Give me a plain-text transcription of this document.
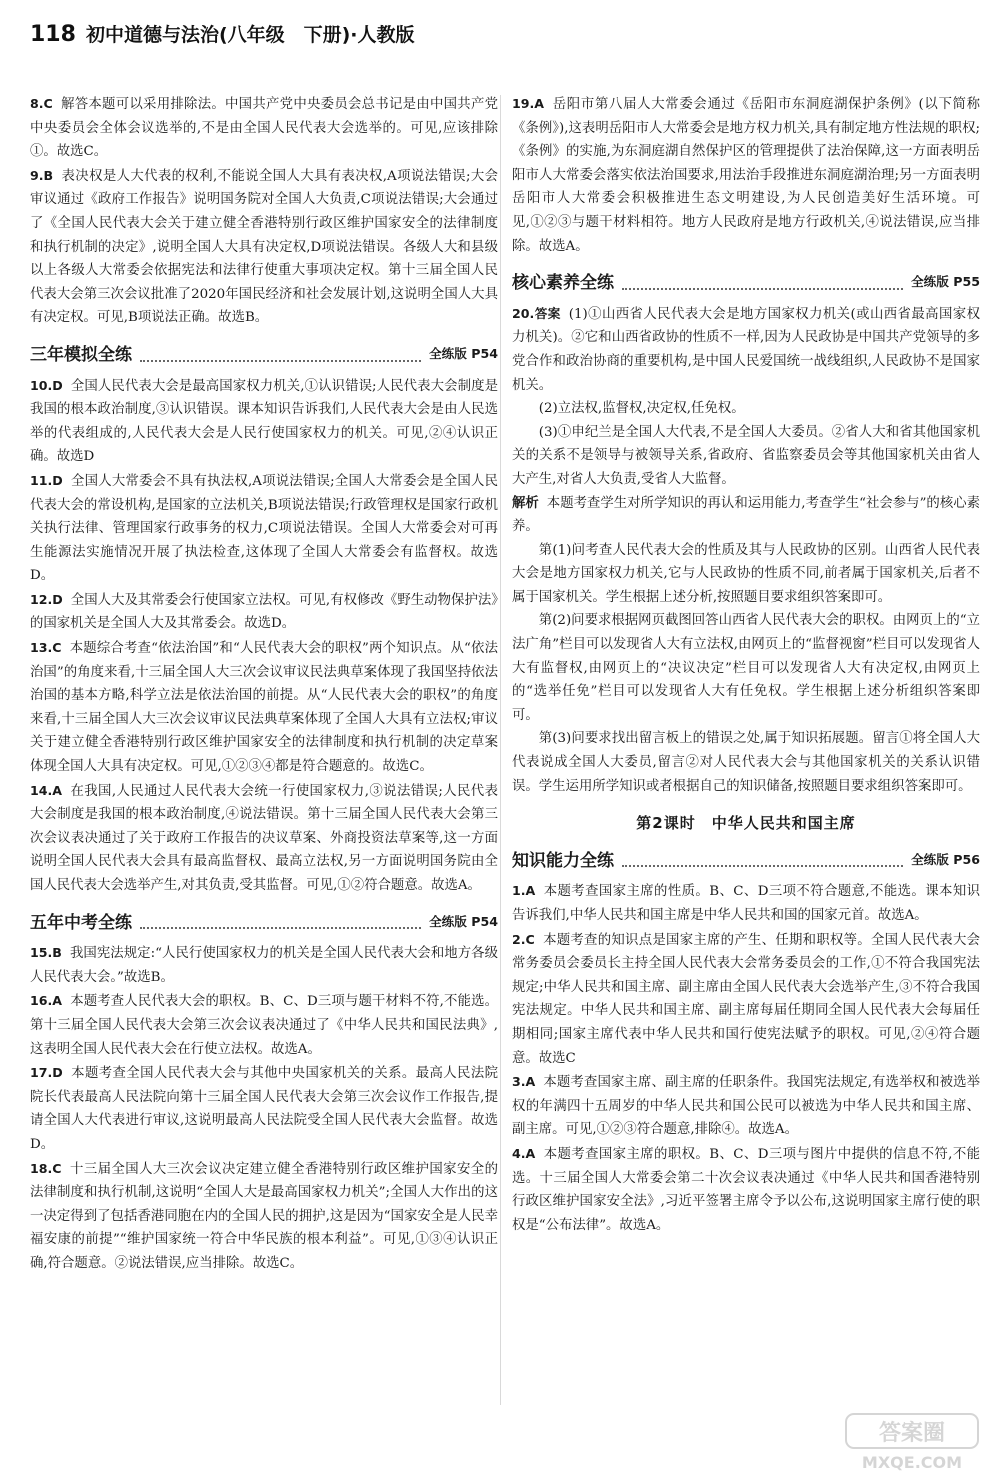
118 初中道德与法治(八年级　下册)·人教版

8.C 解答本题可以采用排除法。中国共产党中央委员会总书记是由中国共产党中央委员会全体会议选举的,不是由全国人民代表大会选举的。可见,应该排除①。故选C。

9.B 表决权是人大代表的权利,不能说全国人大具有表决权,A项说法错误;大会审议通过《政府工作报告》说明国务院对全国人大负责,C项说法错误;大会通过了《全国人民代表大会关于建立健全香港特别行政区维护国家安全的法律制度和执行机制的决定》,说明全国人大具有决定权,D项说法错误。各级人大和县级以上各级人大常委会依据宪法和法律行使重大事项决定权。第十三届全国人民代表大会第三次会议批准了2020年国民经济和社会发展计划,这说明全国人大具有决定权。可见,B项说法正确。故选B。

三年模拟全练	全练版 P54

10.D 全国人民代表大会是最高国家权力机关,①认识错误;人民代表大会制度是我国的根本政治制度,③认识错误。课本知识告诉我们,人民代表大会是由人民选举的代表组成的,人民代表大会是人民行使国家权力的机关。可见,②④认识正确。故选D

11.D 全国人大常委会不具有执法权,A项说法错误;全国人大常委会是全国人民代表大会的常设机构,是国家的立法机关,B项说法错误;行政管理权是国家行政机关执行法律、管理国家行政事务的权力,C项说法错误。全国人大常委会对可再生能源法实施情况开展了执法检查,这体现了全国人大常委会有监督权。故选D。

12.D 全国人大及其常委会行使国家立法权。可见,有权修改《野生动物保护法》的国家机关是全国人大及其常委会。故选D。

13.C 本题综合考查“依法治国”和“人民代表大会的职权”两个知识点。从“依法治国”的角度来看,十三届全国人大三次会议审议民法典草案体现了我国坚持依法治国的基本方略,科学立法是依法治国的前提。从“人民代表大会的职权”的角度来看,十三届全国人大三次会议审议民法典草案体现了全国人大具有立法权;审议关于建立健全香港特别行政区维护国家安全的法律制度和执行机制的决定草案体现全国人大具有决定权。可见,①②③④都是符合题意的。故选C。

14.A 在我国,人民通过人民代表大会统一行使国家权力,③说法错误;人民代表大会制度是我国的根本政治制度,④说法错误。第十三届全国人民代表大会第三次会议表决通过了关于政府工作报告的决议草案、外商投资法草案等,这一方面说明全国人民代表大会具有最高监督权、最高立法权,另一方面说明国务院由全国人民代表大会选举产生,对其负责,受其监督。可见,①②符合题意。故选A。

五年中考全练	全练版 P54

15.B 我国宪法规定:“人民行使国家权力的机关是全国人民代表大会和地方各级人民代表大会。”故选B。

16.A 本题考查人民代表大会的职权。B、C、D三项与题干材料不符,不能选。第十三届全国人民代表大会第三次会议表决通过了《中华人民共和国民法典》,这表明全国人民代表大会在行使立法权。故选A。

17.D 本题考查全国人民代表大会与其他中央国家机关的关系。最高人民法院院长代表最高人民法院向第十三届全国人民代表大会第三次会议作工作报告,提请全国人大代表进行审议,这说明最高人民法院受全国人民代表大会监督。故选D。

18.C 十三届全国人大三次会议决定建立健全香港特别行政区维护国家安全的法律制度和执行机制,这说明“全国人大是最高国家权力机关”;全国人大作出的这一决定得到了包括香港同胞在内的全国人民的拥护,这是因为“国家安全是人民幸福安康的前提”“维护国家统一符合中华民族的根本利益”。可见,①③④认识正确,符合题意。②说法错误,应当排除。故选C。

19.A 岳阳市第八届人大常委会通过《岳阳市东洞庭湖保护条例》(以下简称《条例》),这表明岳阳市人大常委会是地方权力机关,具有制定地方性法规的职权;《条例》的实施,为东洞庭湖自然保护区的管理提供了法治保障,这一方面表明岳阳市人大常委会落实依法治国要求,用法治手段推进东洞庭湖治理;另一方面表明岳阳市人大常委会积极推进生态文明建设,为人民创造美好生活环境。可见,①②③与题干材料相符。地方人民政府是地方行政机关,④说法错误,应当排除。故选A。

核心素养全练	全练版 P55

20.答案 (1)①山西省人民代表大会是地方国家权力机关(或山西省最高国家权力机关)。②它和山西省政协的性质不一样,因为人民政协是中国共产党领导的多党合作和政治协商的重要机构,是中国人民爱国统一战线组织,人民政协不是国家机关。

(2)立法权,监督权,决定权,任免权。

(3)①申纪兰是全国人大代表,不是全国人大委员。②省人大和省其他国家机关的关系不是领导与被领导关系,省政府、省监察委员会等其他国家机关由省人大产生,对省人大负责,受省人大监督。

解析 本题考查学生对所学知识的再认和运用能力,考查学生“社会参与”的核心素养。

第(1)问考查人民代表大会的性质及其与人民政协的区别。山西省人民代表大会是地方国家权力机关,它与人民政协的性质不同,前者属于国家机关,后者不属于国家机关。学生根据上述分析,按照题目要求组织答案即可。

第(2)问要求根据网页截图回答山西省人民代表大会的职权。由网页上的“立法广角”栏目可以发现省人大有立法权,由网页上的“监督视窗”栏目可以发现省人大有监督权,由网页上的“决议决定”栏目可以发现省人大有决定权,由网页上的“选举任免”栏目可以发现省人大有任免权。学生根据上述分析组织答案即可。

第(3)问要求找出留言板上的错误之处,属于知识拓展题。留言①将全国人大代表说成全国人大委员,留言②对人民代表大会与其他国家机关的关系认识错误。学生运用所学知识或者根据自己的知识储备,按照题目要求组织答案即可。

第2课时　中华人民共和国主席
知识能力全练	全练版 P56

1.A 本题考查国家主席的性质。B、C、D三项不符合题意,不能选。课本知识告诉我们,中华人民共和国主席是中华人民共和国的国家元首。故选A。

2.C 本题考查的知识点是国家主席的产生、任期和职权等。全国人民代表大会常务委员会委员长主持全国人民代表大会常务委员会的工作,①不符合我国宪法规定;中华人民共和国主席、副主席由全国人民代表大会选举产生,③不符合我国宪法规定。中华人民共和国主席、副主席每届任期同全国人民代表大会每届任期相同;国家主席代表中华人民共和国行使宪法赋予的职权。可见,②④符合题意。故选C

3.A 本题考查国家主席、副主席的任职条件。我国宪法规定,有选举权和被选举权的年满四十五周岁的中华人民共和国公民可以被选为中华人民共和国主席、副主席。可见,①②③符合题意,排除④。故选A。

4.A 本题考查国家主席的职权。B、C、D三项与图片中提供的信息不符,不能选。十三届全国人大常委会第二十次会议表决通过《中华人民共和国香港特别行政区维护国家安全法》,习近平签署主席令予以公布,这说明国家主席行使的职权是“公布法律”。故选A。

答案圈
MXQE.COM
